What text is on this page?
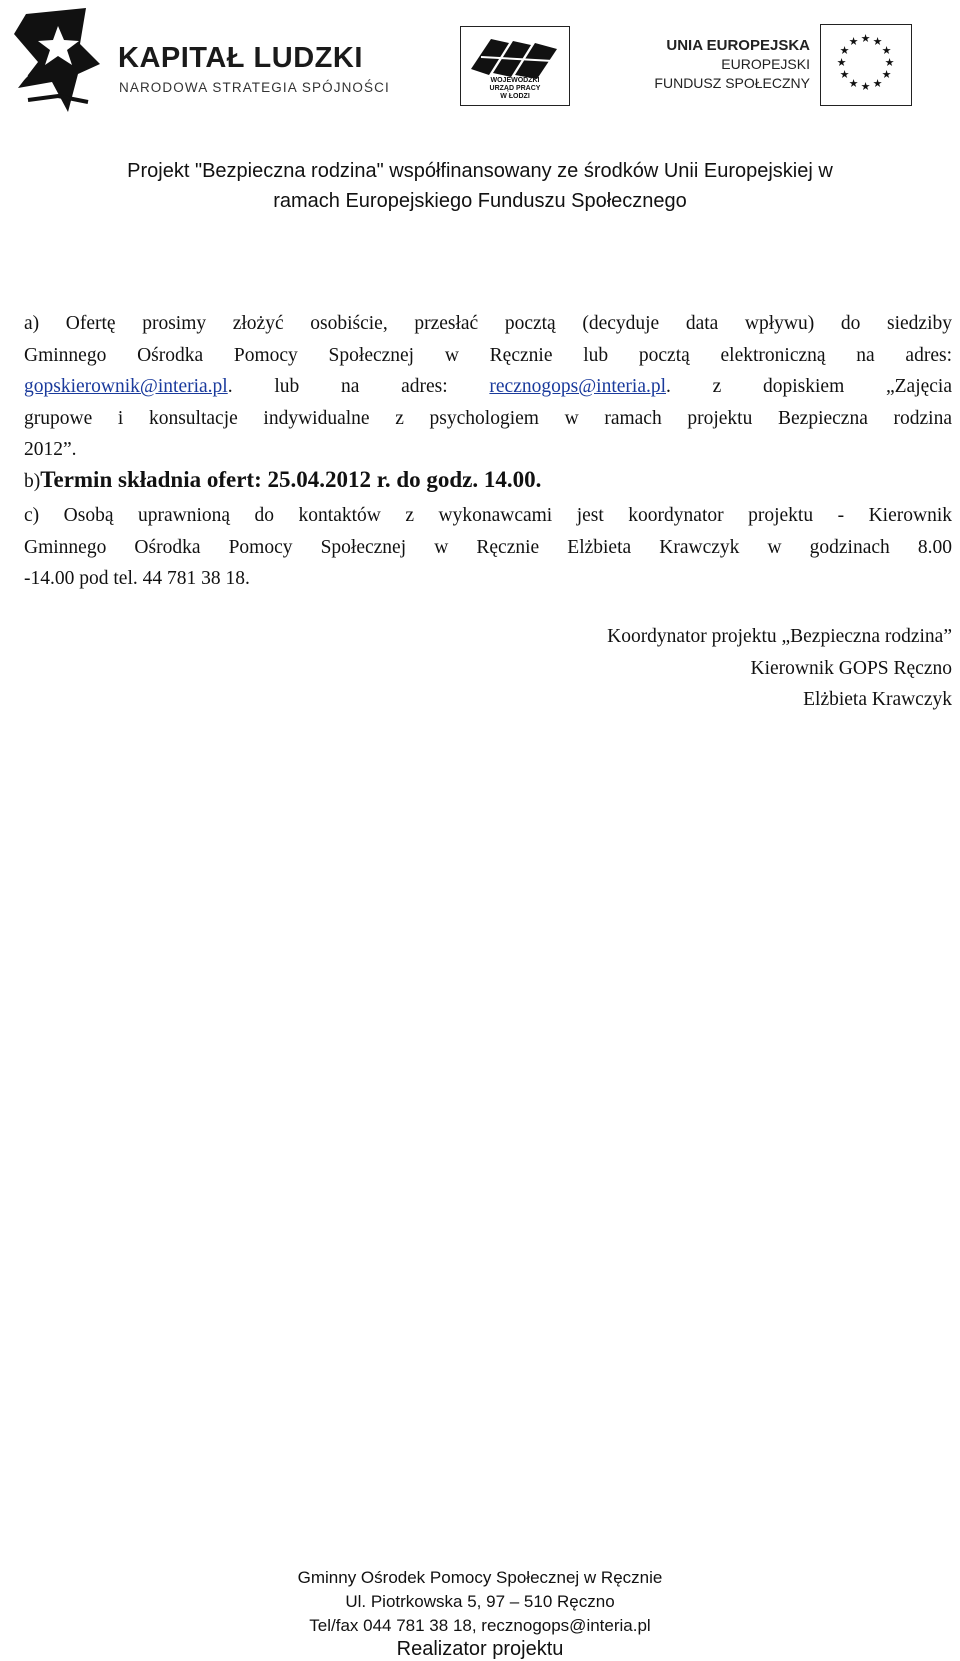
KAPITAŁ LUDZKI
NARODOWA STRATEGIA SPÓJNOŚCI	WOJEWÓDZKI
URZĄD PRACY
W ŁODZI
UNIA EUROPEJSKA
EUROPEJSKI
FUNDUSZ SPOŁECZNY
★ ★
★
★
★
★
★
★
★
★
★
★
Projekt "Bezpieczna rodzina" współfinansowany ze środków Unii Europejskiej w
ramach Europejskiego Funduszu Społecznego
a) Ofertę prosimy złożyć osobiście, przesłać pocztą (decyduje data wpływu) do siedziby
Gminnego Ośrodka Pomocy Społecznej w Ręcznie lub pocztą elektroniczną na adres:
gopskierownik@interia.pl. lub na adres: recznogops@interia.pl. z dopiskiem „Zajęcia
grupowe i konsultacje indywidualne z psychologiem w ramach projektu Bezpieczna rodzina
2012”.
b)Termin składnia ofert: 25.04.2012 r. do godz. 14.00.
c) Osobą uprawnioną do kontaktów z wykonawcami jest koordynator projektu - Kierownik
Gminnego Ośrodka Pomocy Społecznej w Ręcznie Elżbieta Krawczyk w godzinach 8.00
-14.00 pod tel. 44 781 38 18.
Koordynator projektu „Bezpieczna rodzina”
Kierownik GOPS Ręczno
Elżbieta Krawczyk
Gminny Ośrodek Pomocy Społecznej w Ręcznie
Ul. Piotrkowska 5, 97 – 510 Ręczno
Tel/fax 044 781 38 18, recznogops@interia.pl
Realizator projektu
